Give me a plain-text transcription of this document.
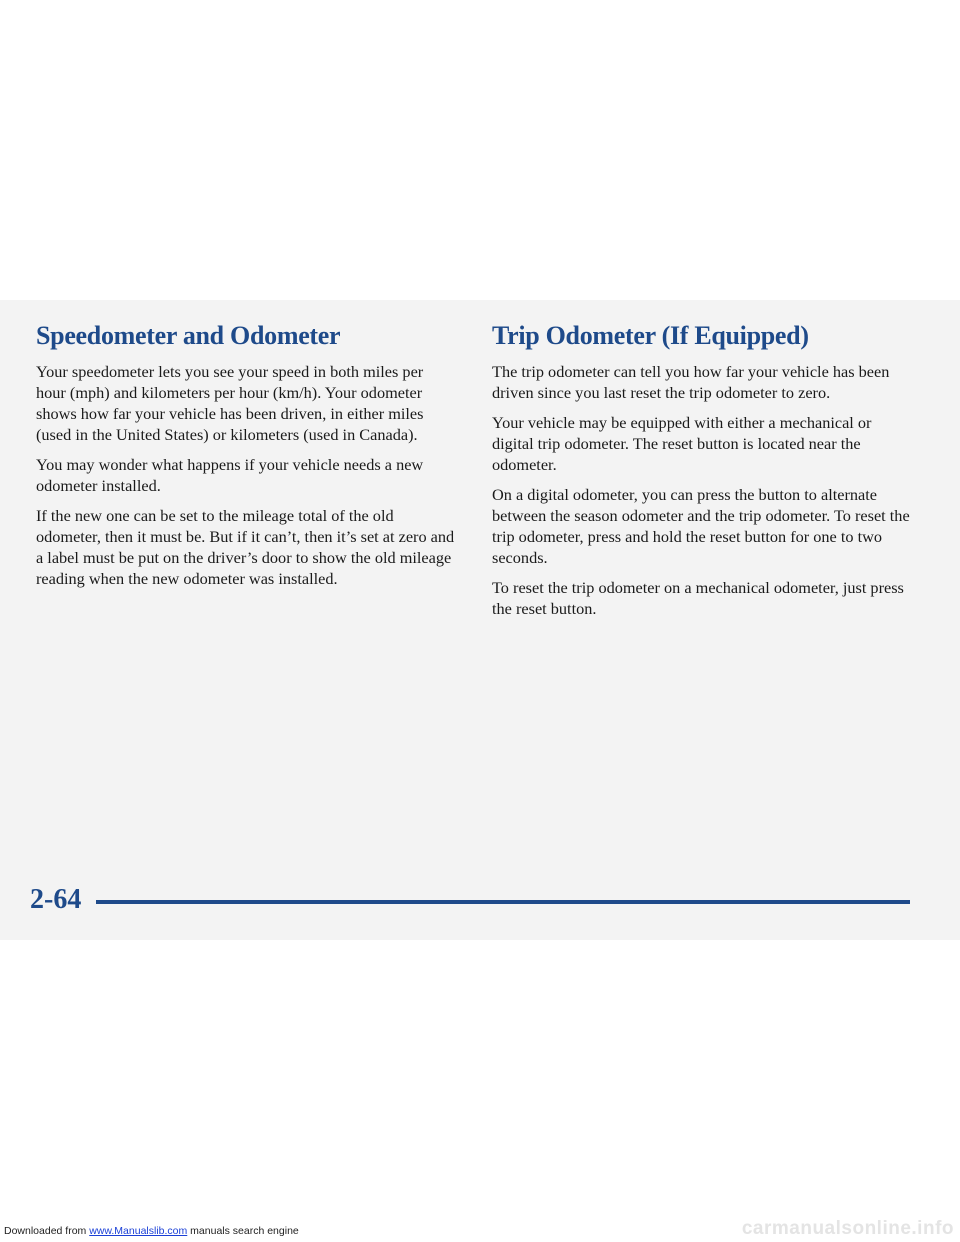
Speedometer and Odometer

Your speedometer lets you see your speed in both miles per hour (mph) and kilometers per hour (km/h). Your odometer shows how far your vehicle has been driven, in either miles (used in the United States) or kilometers (used in Canada).

You may wonder what happens if your vehicle needs a new odometer installed.

If the new one can be set to the mileage total of the old odometer, then it must be. But if it can’t, then it’s set at zero and a label must be put on the driver’s door to show the old mileage reading when the new odometer was installed.

Trip Odometer (If Equipped)

The trip odometer can tell you how far your vehicle has been driven since you last reset the trip odometer to zero.

Your vehicle may be equipped with either a mechanical or digital trip odometer. The reset button is located near the odometer.

On a digital odometer, you can press the button to alternate between the season odometer and the trip odometer. To reset the trip odometer, press and hold the reset button for one to two seconds.

To reset the trip odometer on a mechanical odometer, just press the reset button.

2-64
Downloaded from www.Manualslib.com manuals search engine	carmanualsonline.info
